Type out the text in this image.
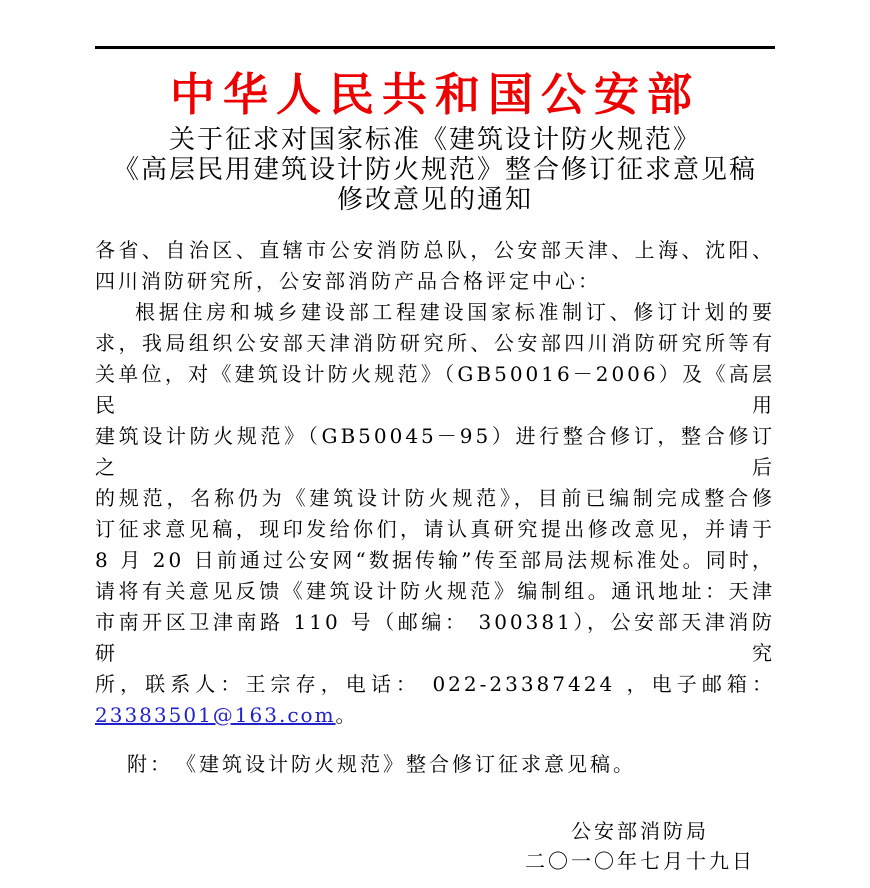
中华人民共和国公安部
关于征求对国家标准《建筑设计防火规范》
《高层民用建筑设计防火规范》整合修订征求意见稿
修改意见的通知
各省、自治区、直辖市公安消防总队，公安部天津、上海、沈阳、
四川消防研究所，公安部消防产品合格评定中心：
根据住房和城乡建设部工程建设国家标准制订、修订计划的要
求，我局组织公安部天津消防研究所、公安部四川消防研究所等有
关单位，对《建筑设计防火规范》（GB50016－2006）及《高层民用
建筑设计防火规范》（GB50045－95）进行整合修订，整合修订之后
的规范，名称仍为《建筑设计防火规范》，目前已编制完成整合修
订征求意见稿，现印发给你们，请认真研究提出修改意见，并请于
8 月 20 日前通过公安网“数据传输”传至部局法规标准处。同时，
请将有关意见反馈《建筑设计防火规范》编制组。通讯地址：天津
市南开区卫津南路 110 号（邮编： 300381），公安部天津消防研究
所，联系人：王宗存，电话： 022-23387424 ，电子邮箱：
23383501@163.com。
附：　《建筑设计防火规范》整合修订征求意见稿。
公安部消防局
二〇一〇年七月十九日
